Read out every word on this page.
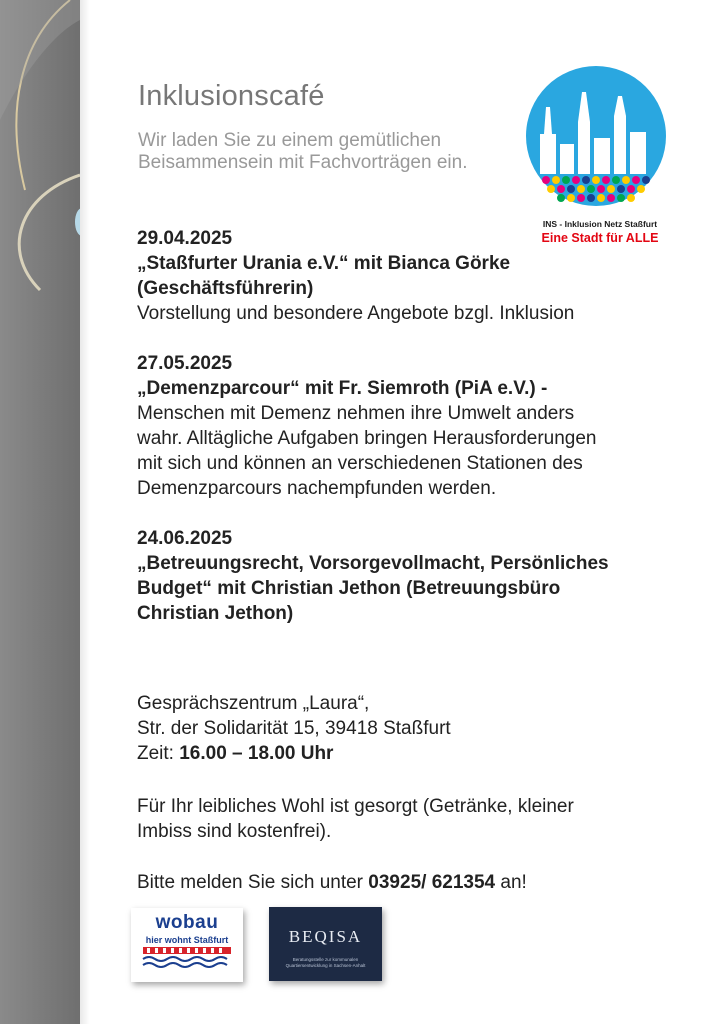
Inklusionscafé
Wir laden Sie zu einem gemütlichen Beisammensein mit Fachvorträgen ein.
INS - Inklusion Netz Staßfurt
Eine Stadt für ALLE
29.04.2025
„Staßfurter Urania e.V.“ mit Bianca Görke (Geschäftsführerin)
Vorstellung und besondere Angebote bzgl. Inklusion
27.05.2025
„Demenzparcour“ mit Fr. Siemroth (PiA e.V.) -
Menschen mit Demenz nehmen ihre Umwelt anders wahr. Alltägliche Aufgaben bringen Herausforderungen mit sich und können an verschiedenen Stationen des Demenzparcours nachempfunden werden.
24.06.2025
„Betreuungsrecht, Vorsorgevollmacht, Persönliches Budget“ mit Christian Jethon (Betreuungsbüro Christian Jethon)
Gesprächszentrum „Laura“,
Str. der Solidarität 15, 39418 Staßfurt
Zeit: 16.00 – 18.00 Uhr
Für Ihr leibliches Wohl ist gesorgt (Getränke, kleiner Imbiss sind kostenfrei).
Bitte melden Sie sich unter 03925/ 621354 an!
wobau
hier wohnt Staßfurt	BEQISA
Beratungsstelle zur kommunalen Quartiersentwicklung in Sachsen-Anhalt
